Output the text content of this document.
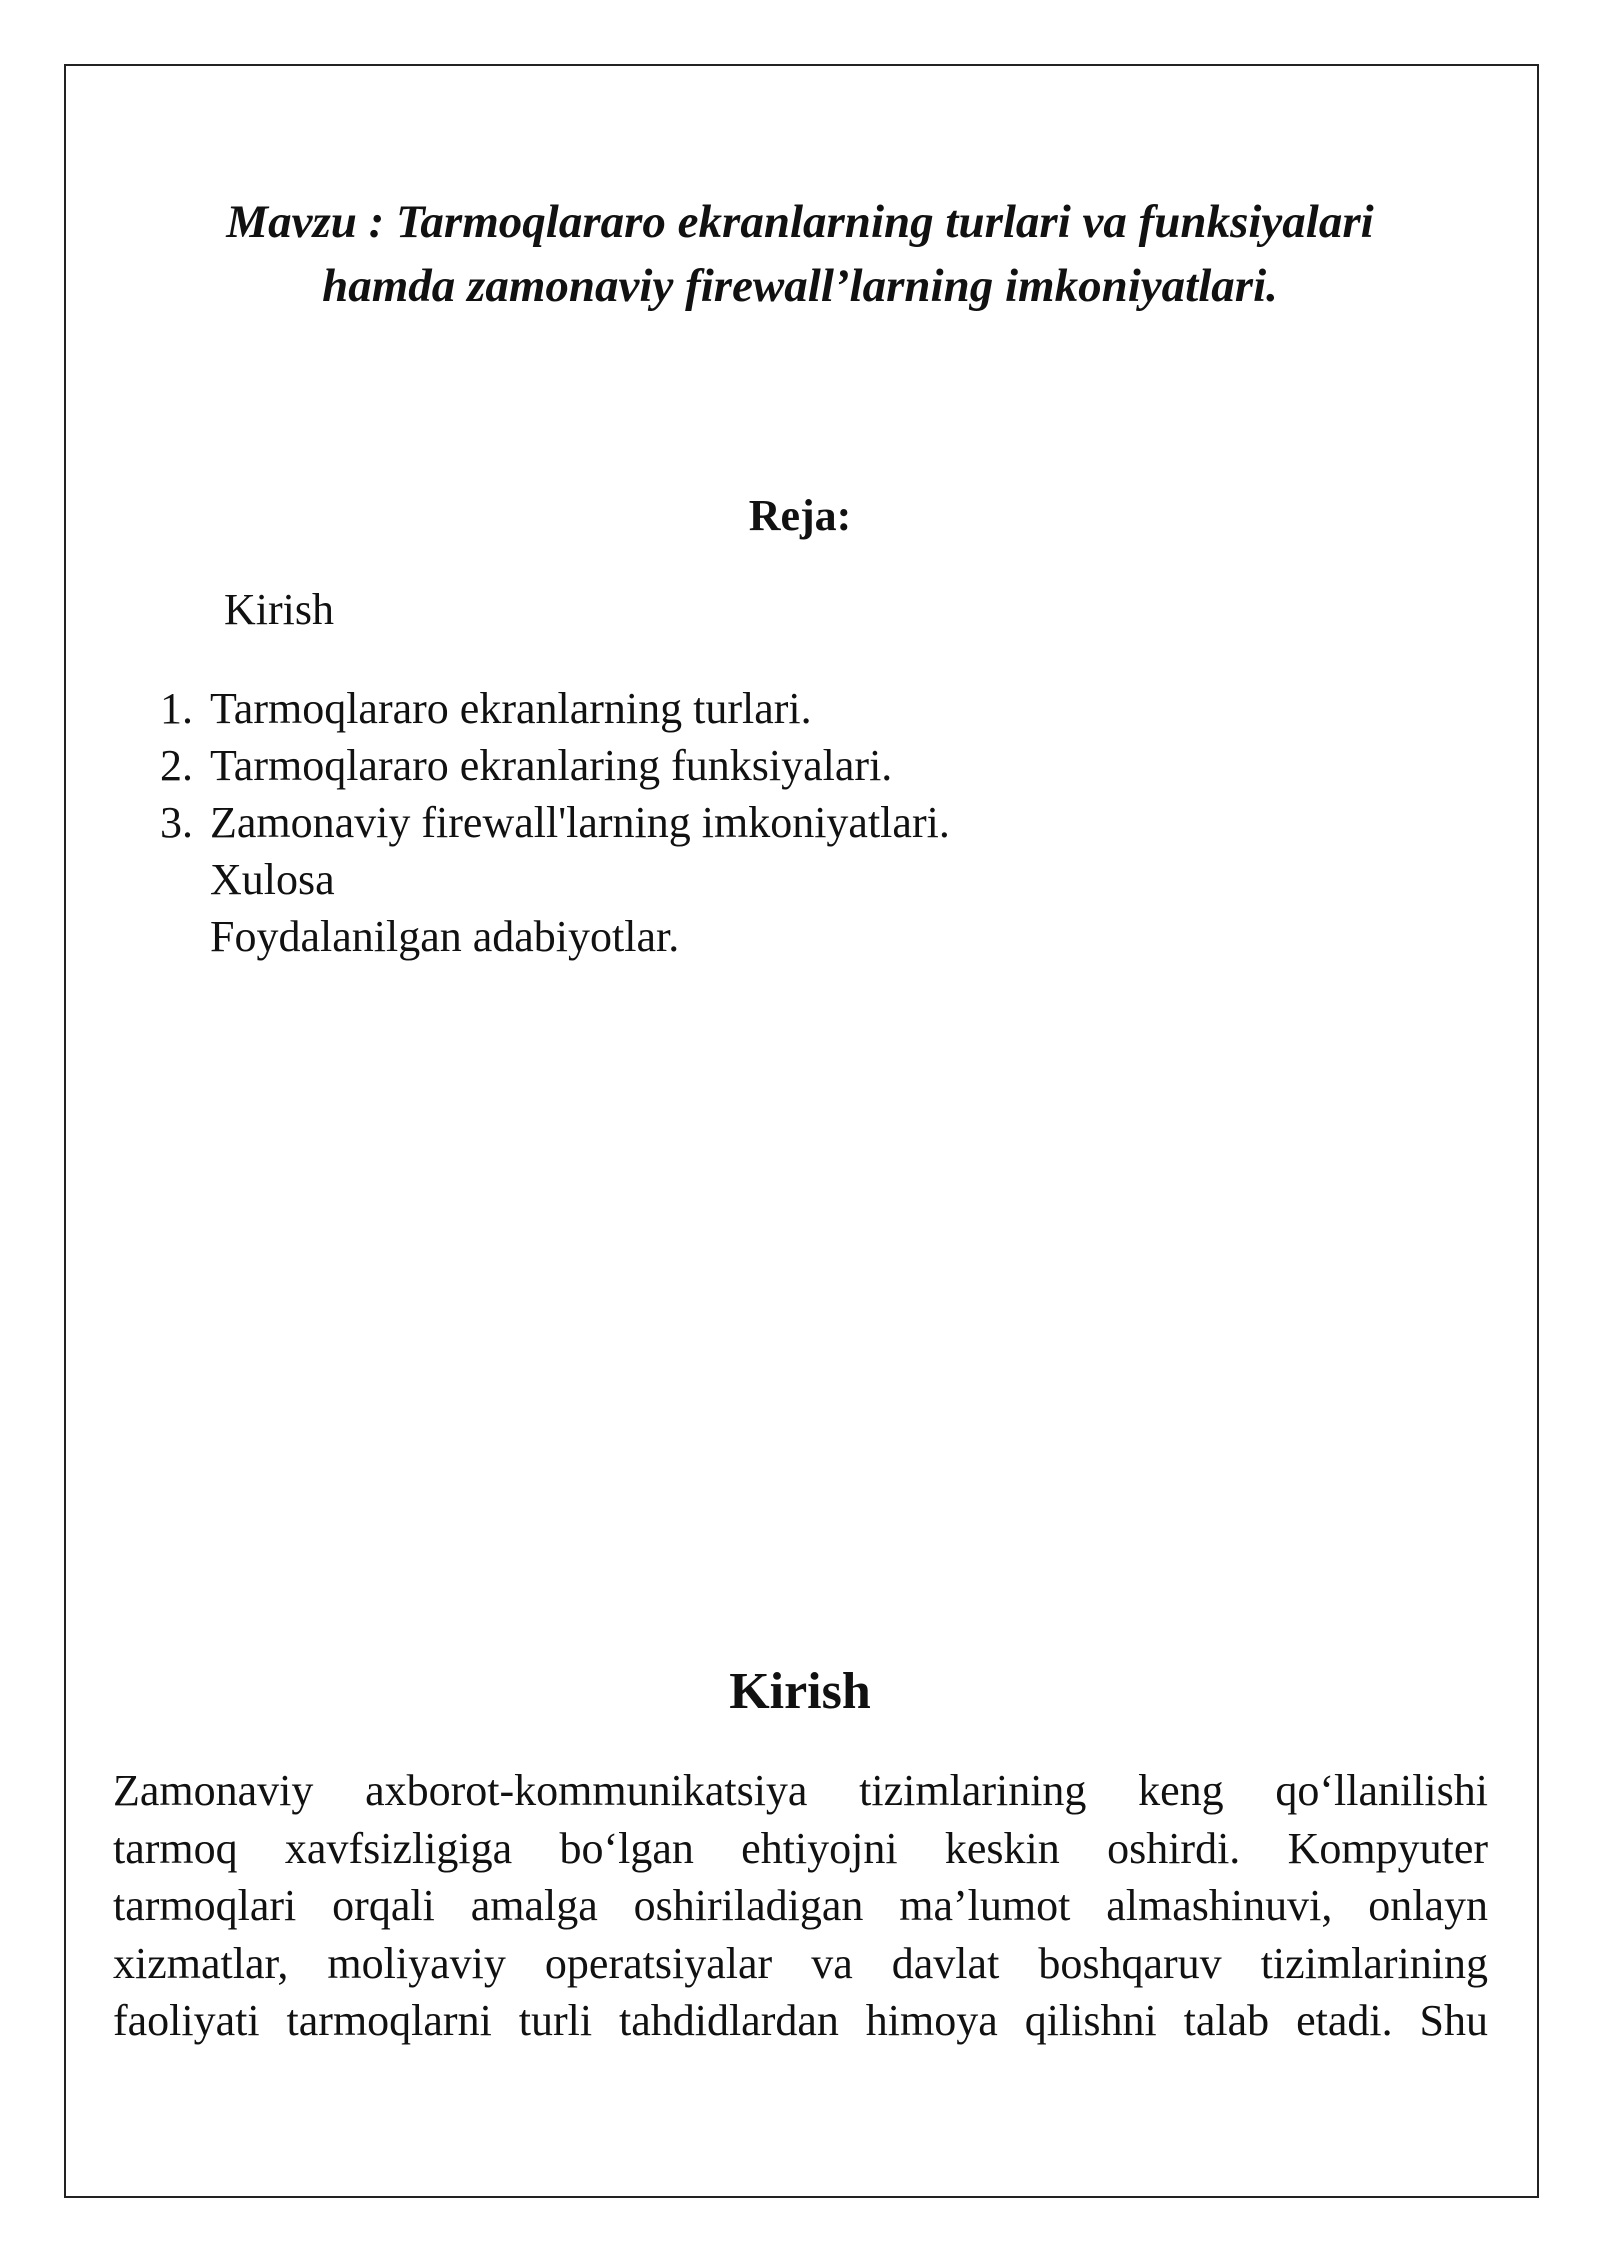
Mavzu : Tarmoqlararo ekranlarning turlari va funksiyalari
hamda zamonaviy firewall’larning imkoniyatlari.
Reja:
Kirish
1. Tarmoqlararo ekranlarning turlari.
2. Tarmoqlararo ekranlaring funksiyalari.
3. Zamonaviy firewall'larning imkoniyatlari.
Xulosa
Foydalanilgan adabiyotlar.
Kirish
Zamonaviy axborot-kommunikatsiya tizimlarining keng qo‘llanilishi
tarmoq xavfsizligiga bo‘lgan ehtiyojni keskin oshirdi. Kompyuter
tarmoqlari orqali amalga oshiriladigan ma’lumot almashinuvi, onlayn
xizmatlar, moliyaviy operatsiyalar va davlat boshqaruv tizimlarining
faoliyati tarmoqlarni turli tahdidlardan himoya qilishni talab etadi. Shu
